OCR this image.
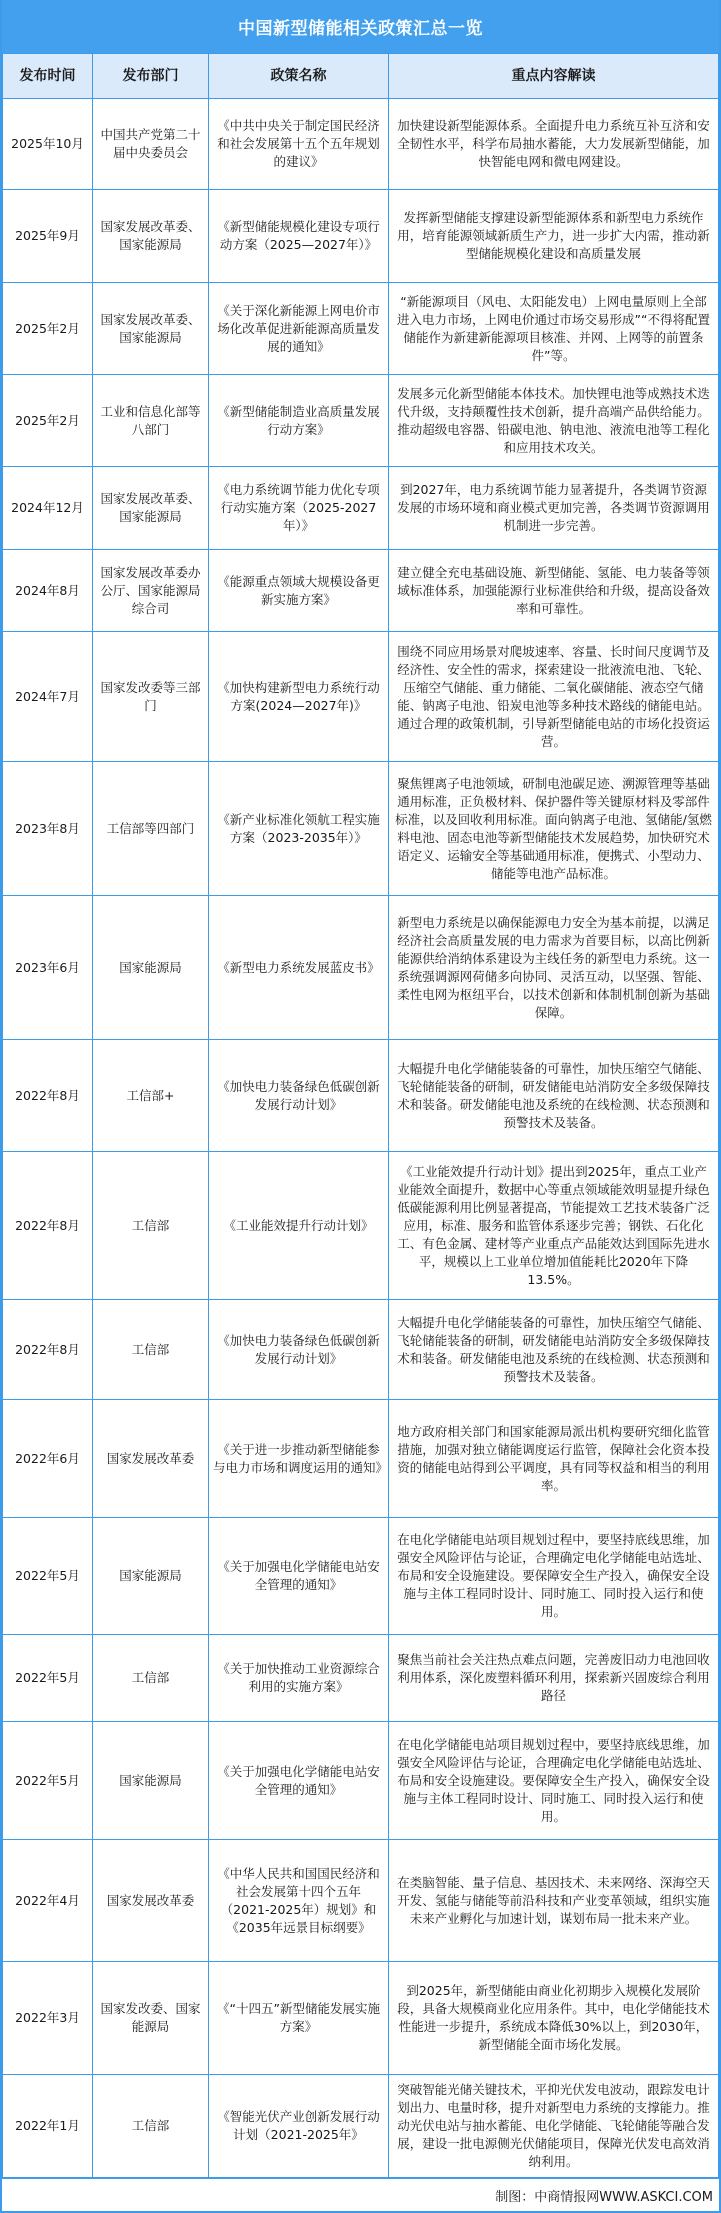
中国新型储能相关政策汇总一览
发布时间	发布部门	政策名称	重点内容解读
2025年10月	中国共产党第二十届中央委员会	《中共中央关于制定国民经济和社会发展第十五个五年规划的建议》	加快建设新型能源体系。全面提升电力系统互补互济和安全韧性水平，科学布局抽水蓄能，大力发展新型储能，加快智能电网和微电网建设。
2025年9月	国家发展改革委、国家能源局	《新型储能规模化建设专项行动方案（2025—2027年）》	发挥新型储能支撑建设新型能源体系和新型电力系统作用，培育能源领域新质生产力，进一步扩大内需，推动新型储能规模化建设和高质量发展
2025年2月	国家发展改革委、国家能源局	《关于深化新能源上网电价市场化改革促进新能源高质量发展的通知》	“新能源项目（风电、太阳能发电）上网电量原则上全部进入电力市场，上网电价通过市场交易形成”“不得将配置储能作为新建新能源项目核准、并网、上网等的前置条件”等。
2025年2月	工业和信息化部等八部门	《新型储能制造业高质量发展行动方案》	发展多元化新型储能本体技术。加快锂电池等成熟技术迭代升级，支持颠覆性技术创新，提升高端产品供给能力。推动超级电容器、铅碳电池、钠电池、液流电池等工程化和应用技术攻关。
2024年12月	国家发展改革委、国家能源局	《电力系统调节能力优化专项行动实施方案（2025-2027年）》	到2027年，电力系统调节能力显著提升，各类调节资源发展的市场环境和商业模式更加完善，各类调节资源调用机制进一步完善。
2024年8月	国家发展改革委办公厅、国家能源局综合司	《能源重点领域大规模设备更新实施方案》	建立健全充电基础设施、新型储能、氢能、电力装备等领域标准体系，加强能源行业标准供给和升级，提高设备效率和可靠性。
2024年7月	国家发改委等三部门	《加快构建新型电力系统行动方案(2024—2027年)》	围绕不同应用场景对爬坡速率、容量、长时间尺度调节及经济性、安全性的需求，探索建设一批液流电池、飞轮、压缩空气储能、重力储能、二氧化碳储能、液态空气储能、钠离子电池、铅炭电池等多种技术路线的储能电站。通过合理的政策机制，引导新型储能电站的市场化投资运营。
2023年8月	工信部等四部门	《新产业标准化领航工程实施方案（2023-2035年）》	聚焦锂离子电池领域，研制电池碳足迹、溯源管理等基础通用标准，正负极材料、保护器件等关键原材料及零部件标准，以及回收利用标准。面向钠离子电池、氢储能/氢燃料电池、固态电池等新型储能技术发展趋势，加快研究术语定义、运输安全等基础通用标准，便携式、小型动力、储能等电池产品标准。
2023年6月	国家能源局	《新型电力系统发展蓝皮书》	新型电力系统是以确保能源电力安全为基本前提，以满足经济社会高质量发展的电力需求为首要目标，以高比例新能源供给消纳体系建设为主线任务的新型电力系统。这一系统强调源网荷储多向协同、灵活互动，以坚强、智能、柔性电网为枢纽平台，以技术创新和体制机制创新为基础保障。
2022年8月	工信部+	《加快电力装备绿色低碳创新发展行动计划》	大幅提升电化学储能装备的可靠性，加快压缩空气储能、飞轮储能装备的研制，研发储能电站消防安全多级保障技术和装备。研发储能电池及系统的在线检测、状态预测和预警技术及装备。
2022年8月	工信部	《工业能效提升行动计划》	《工业能效提升行动计划》提出到2025年，重点工业产业能效全面提升，数据中心等重点领域能效明显提升绿色低碳能源利用比例显著提高，节能提效工艺技术装备广泛应用，标准、服务和监管体系逐步完善；钢铁、石化化工、有色金属、建材等产业重点产品能效达到国际先进水平，规模以上工业单位增加值能耗比2020年下降13.5%。
2022年8月	工信部	《加快电力装备绿色低碳创新发展行动计划》	大幅提升电化学储能装备的可靠性，加快压缩空气储能、飞轮储能装备的研制，研发储能电站消防安全多级保障技术和装备。研发储能电池及系统的在线检测、状态预测和预警技术及装备。
2022年6月	国家发展改革委	《关于进一步推动新型储能参与电力市场和调度运用的通知》	地方政府相关部门和国家能源局派出机构要研究细化监管措施，加强对独立储能调度运行监管，保障社会化资本投资的储能电站得到公平调度，具有同等权益和相当的利用率。
2022年5月	国家能源局	《关于加强电化学储能电站安全管理的通知》	在电化学储能电站项目规划过程中，要坚持底线思维，加强安全风险评估与论证，合理确定电化学储能电站选址、布局和安全设施建设。要保障安全生产投入，确保安全设施与主体工程同时设计、同时施工、同时投入运行和使用。
2022年5月	工信部	《关于加快推动工业资源综合利用的实施方案》	聚焦当前社会关注热点难点问题，完善废旧动力电池回收利用体系，深化废塑料循环利用，探索新兴固废综合利用路径
2022年5月	国家能源局	《关于加强电化学储能电站安全管理的通知》	在电化学储能电站项目规划过程中，要坚持底线思维，加强安全风险评估与论证，合理确定电化学储能电站选址、布局和安全设施建设。要保障安全生产投入，确保安全设施与主体工程同时设计、同时施工、同时投入运行和使用。
2022年4月	国家发展改革委	《中华人民共和国国民经济和社会发展第十四个五年（2021-2025年）规划》和《2035年远景目标纲要》	在类脑智能、量子信息、基因技术、未来网络、深海空天开发、氢能与储能等前沿科技和产业变革领域，组织实施未来产业孵化与加速计划，谋划布局一批未来产业。
2022年3月	国家发改委、国家能源局	《“十四五”新型储能发展实施方案》	到2025年，新型储能由商业化初期步入规模化发展阶段，具备大规模商业化应用条件。其中，电化学储能技术性能进一步提升，系统成本降低30%以上，到2030年，新型储能全面市场化发展。
2022年1月	工信部	《智能光伏产业创新发展行动计划（2021-2025年》	突破智能光储关键技术，平抑光伏发电波动，跟踪发电计划出力、电量时移，提升对新型电力系统的支撑能力。推动光伏电站与抽水蓄能、电化学储能、飞轮储能等融合发展，建设一批电源侧光伏储能项目，保障光伏发电高效消纳利用。
制图：中商情报网WWW.ASKCI.COM
